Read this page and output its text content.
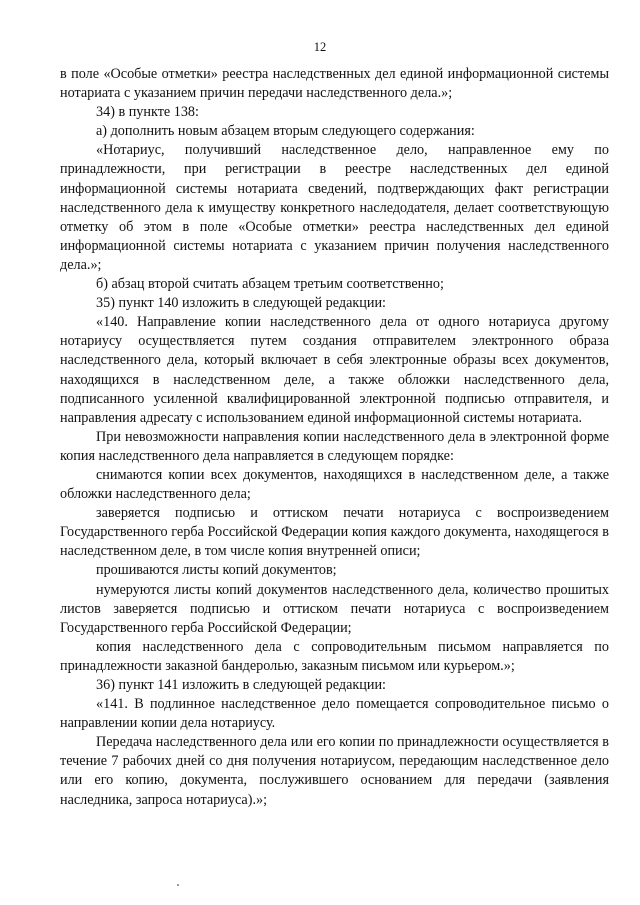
12

в поле «Особые отметки» реестра наследственных дел единой информационной системы нотариата с указанием причин передачи наследственного дела.»;

34) в пункте 138:

а) дополнить новым абзацем вторым следующего содержания:

«Нотариус, получивший наследственное дело, направленное ему по принадлежности, при регистрации в реестре наследственных дел единой информационной системы нотариата сведений, подтверждающих факт регистрации наследственного дела к имуществу конкретного наследодателя, делает соответствующую отметку об этом в поле «Особые отметки» реестра наследственных дел единой информационной системы нотариата с указанием причин получения наследственного дела.»;

б) абзац второй считать абзацем третьим соответственно;

35) пункт 140 изложить в следующей редакции:

«140. Направление копии наследственного дела от одного нотариуса другому нотариусу осуществляется путем создания отправителем электронного образа наследственного дела, который включает в себя электронные образы всех документов, находящихся в наследственном деле, а также обложки наследственного дела, подписанного усиленной квалифицированной электронной подписью отправителя, и направления адресату с использованием единой информационной системы нотариата.

При невозможности направления копии наследственного дела в электронной форме копия наследственного дела направляется в следующем порядке:

снимаются копии всех документов, находящихся в наследственном деле, а также обложки наследственного дела;

заверяется подписью и оттиском печати нотариуса с воспроизведением Государственного герба Российской Федерации копия каждого документа, находящегося в наследственном деле, в том числе копия внутренней описи;

прошиваются листы копий документов;

нумеруются листы копий документов наследственного дела, количество прошитых листов заверяется подписью и оттиском печати нотариуса с воспроизведением Государственного герба Российской Федерации;

копия наследственного дела с сопроводительным письмом направляется по принадлежности заказной бандеролью, заказным письмом или курьером.»;

36) пункт 141 изложить в следующей редакции:

«141. В подлинное наследственное дело помещается сопроводительное письмо о направлении копии дела нотариусу.

Передача наследственного дела или его копии по принадлежности осуществляется в течение 7 рабочих дней со дня получения нотариусом, передающим наследственное дело или его копию, документа, послужившего основанием для передачи (заявления наследника, запроса нотариуса).»;
